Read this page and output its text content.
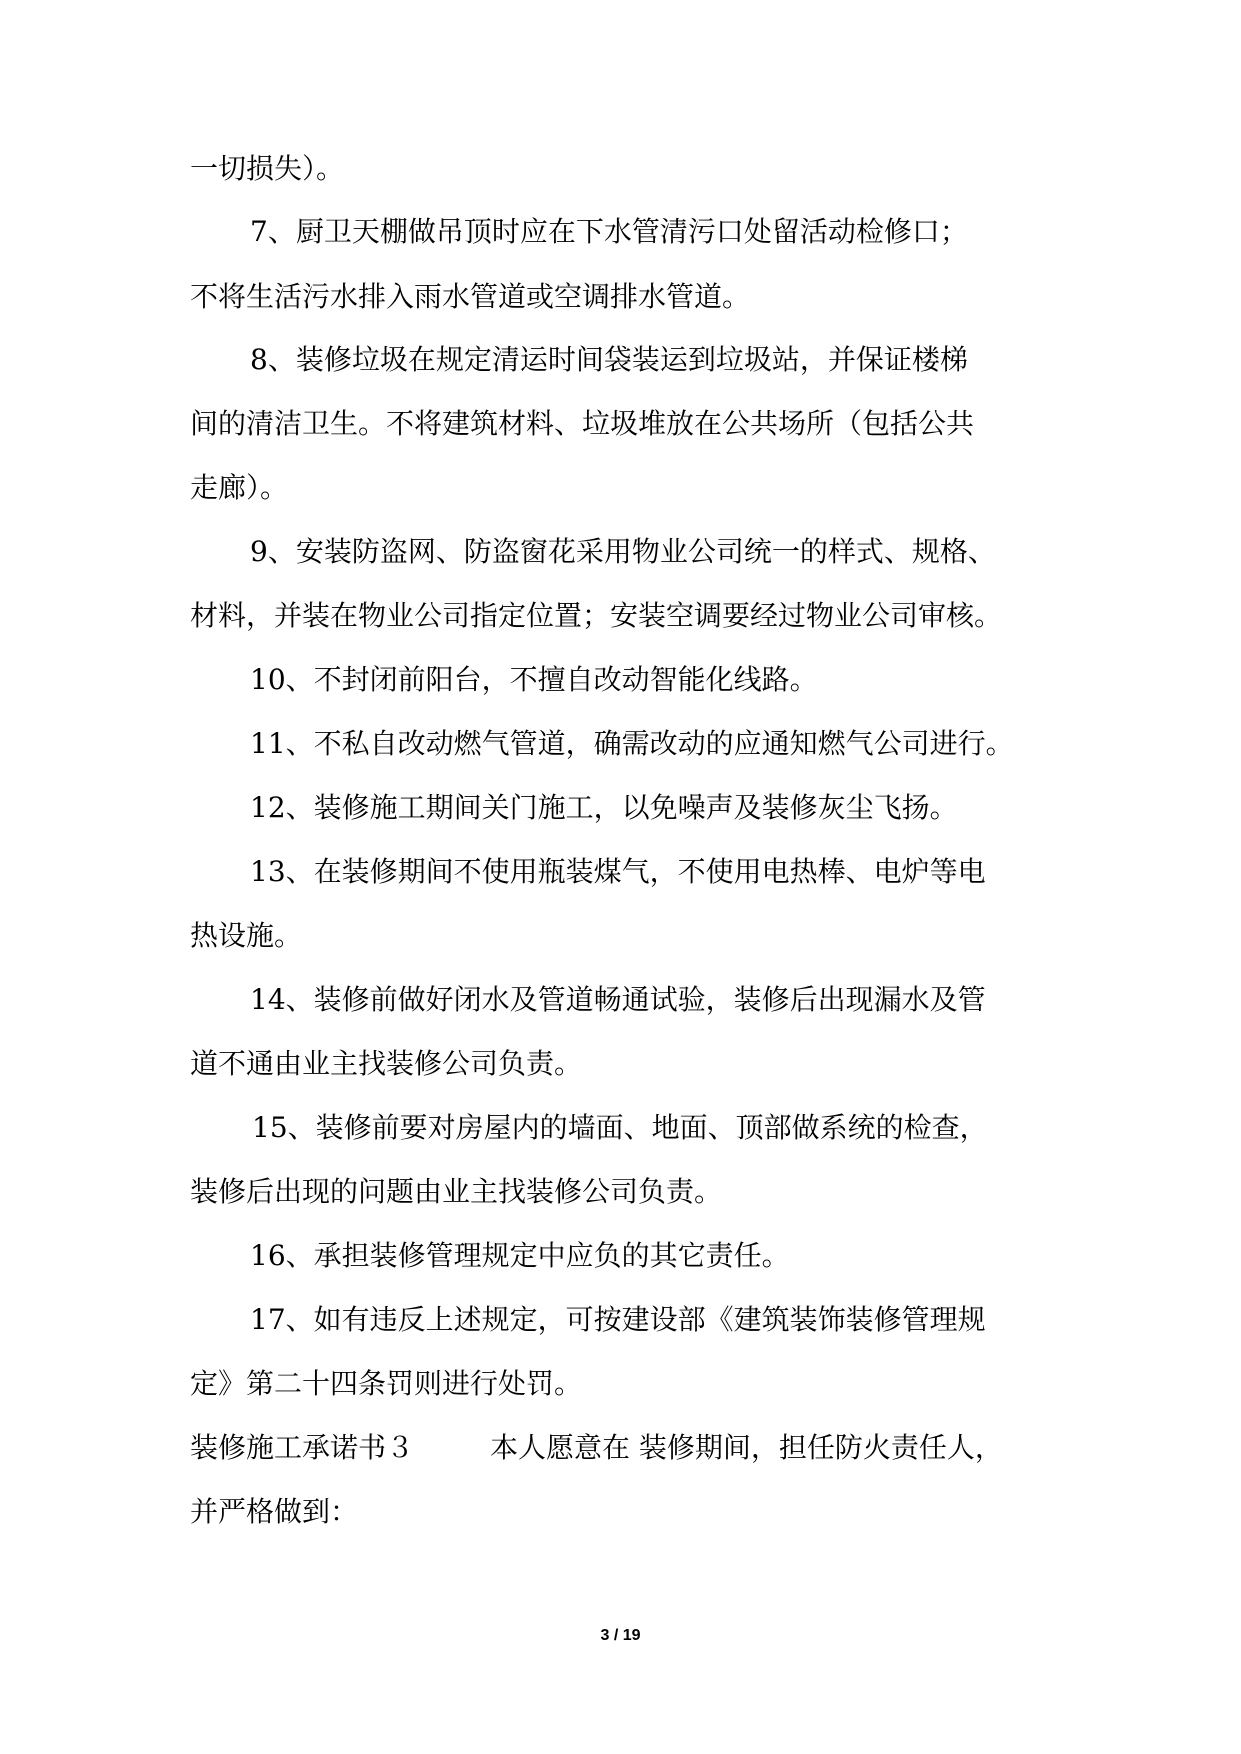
一切损失）。
7、厨卫天棚做吊顶时应在下水管清污口处留活动检修口；
不将生活污水排入雨水管道或空调排水管道。
8、装修垃圾在规定清运时间袋装运到垃圾站，并保证楼梯
间的清洁卫生。不将建筑材料、垃圾堆放在公共场所（包括公共
走廊）。
9、安装防盗网、防盗窗花采用物业公司统一的样式、规格、
材料，并装在物业公司指定位置；安装空调要经过物业公司审核。
10、不封闭前阳台，不擅自改动智能化线路。
11、不私自改动燃气管道，确需改动的应通知燃气公司进行。
12、装修施工期间关门施工，以免噪声及装修灰尘飞扬。
13、在装修期间不使用瓶装煤气，不使用电热棒、电炉等电
热设施。
14、装修前做好闭水及管道畅通试验，装修后出现漏水及管
道不通由业主找装修公司负责。
15、装修前要对房屋内的墙面、地面、顶部做系统的检查，
装修后出现的问题由业主找装修公司负责。
16、承担装修管理规定中应负的其它责任。
17、如有违反上述规定，可按建设部《建筑装饰装修管理规
定》第二十四条罚则进行处罚。
装修施工承诺书３	本人愿意在 装修期间，担任防火责任人，
并严格做到：
3 / 19
